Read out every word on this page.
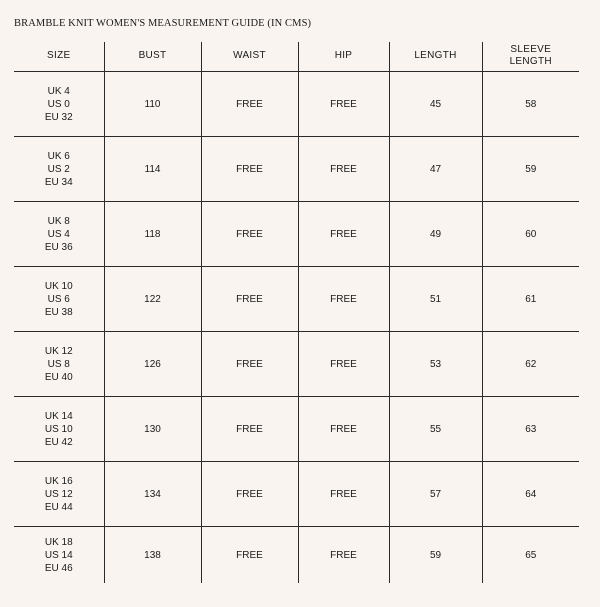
BRAMBLE KNIT WOMEN'S MEASUREMENT GUIDE (IN CMS)
SIZE	BUST	WAIST	HIP	LENGTH	SLEEVE
LENGTH

UK 4
US 0
EU 32	110	FREE	FREE	45	58

UK 6
US 2
EU 34	114	FREE	FREE	47	59

UK 8
US 4
EU 36	118	FREE	FREE	49	60

UK 10
US 6
EU 38	122	FREE	FREE	51	61

UK 12
US 8
EU 40	126	FREE	FREE	53	62

UK 14
US 10
EU 42	130	FREE	FREE	55	63

UK 16
US 12
EU 44	134	FREE	FREE	57	64

UK 18
US 14
EU 46	138	FREE	FREE	59	65
